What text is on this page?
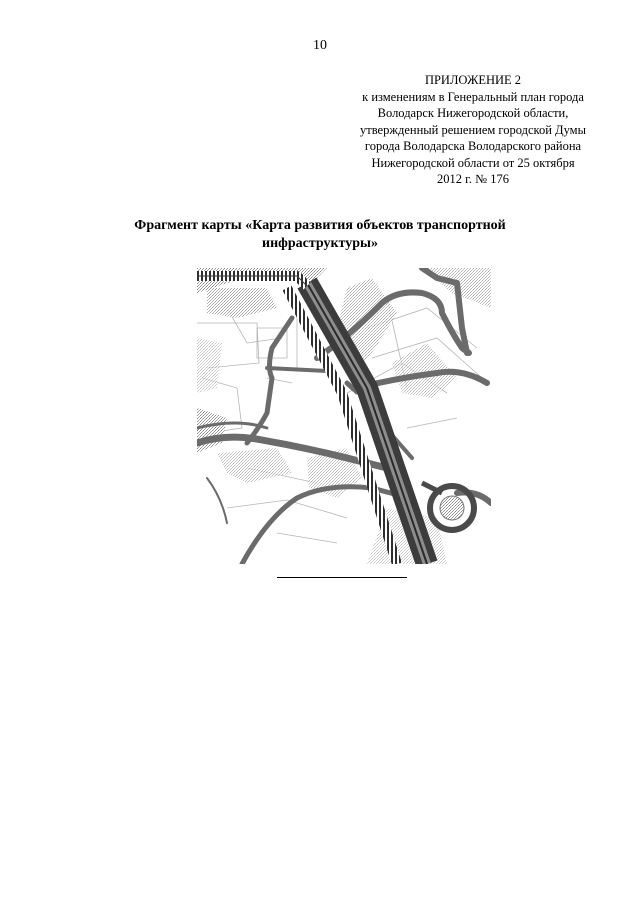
10
ПРИЛОЖЕНИЕ 2
к изменениям в Генеральный план города
Володарск Нижегородской области,
утвержденный решением городской Думы
города Володарска Володарского района
Нижегородской области от 25 октября
2012 г. № 176
Фрагмент карты «Карта развития объектов транспортной
инфраструктуры»
